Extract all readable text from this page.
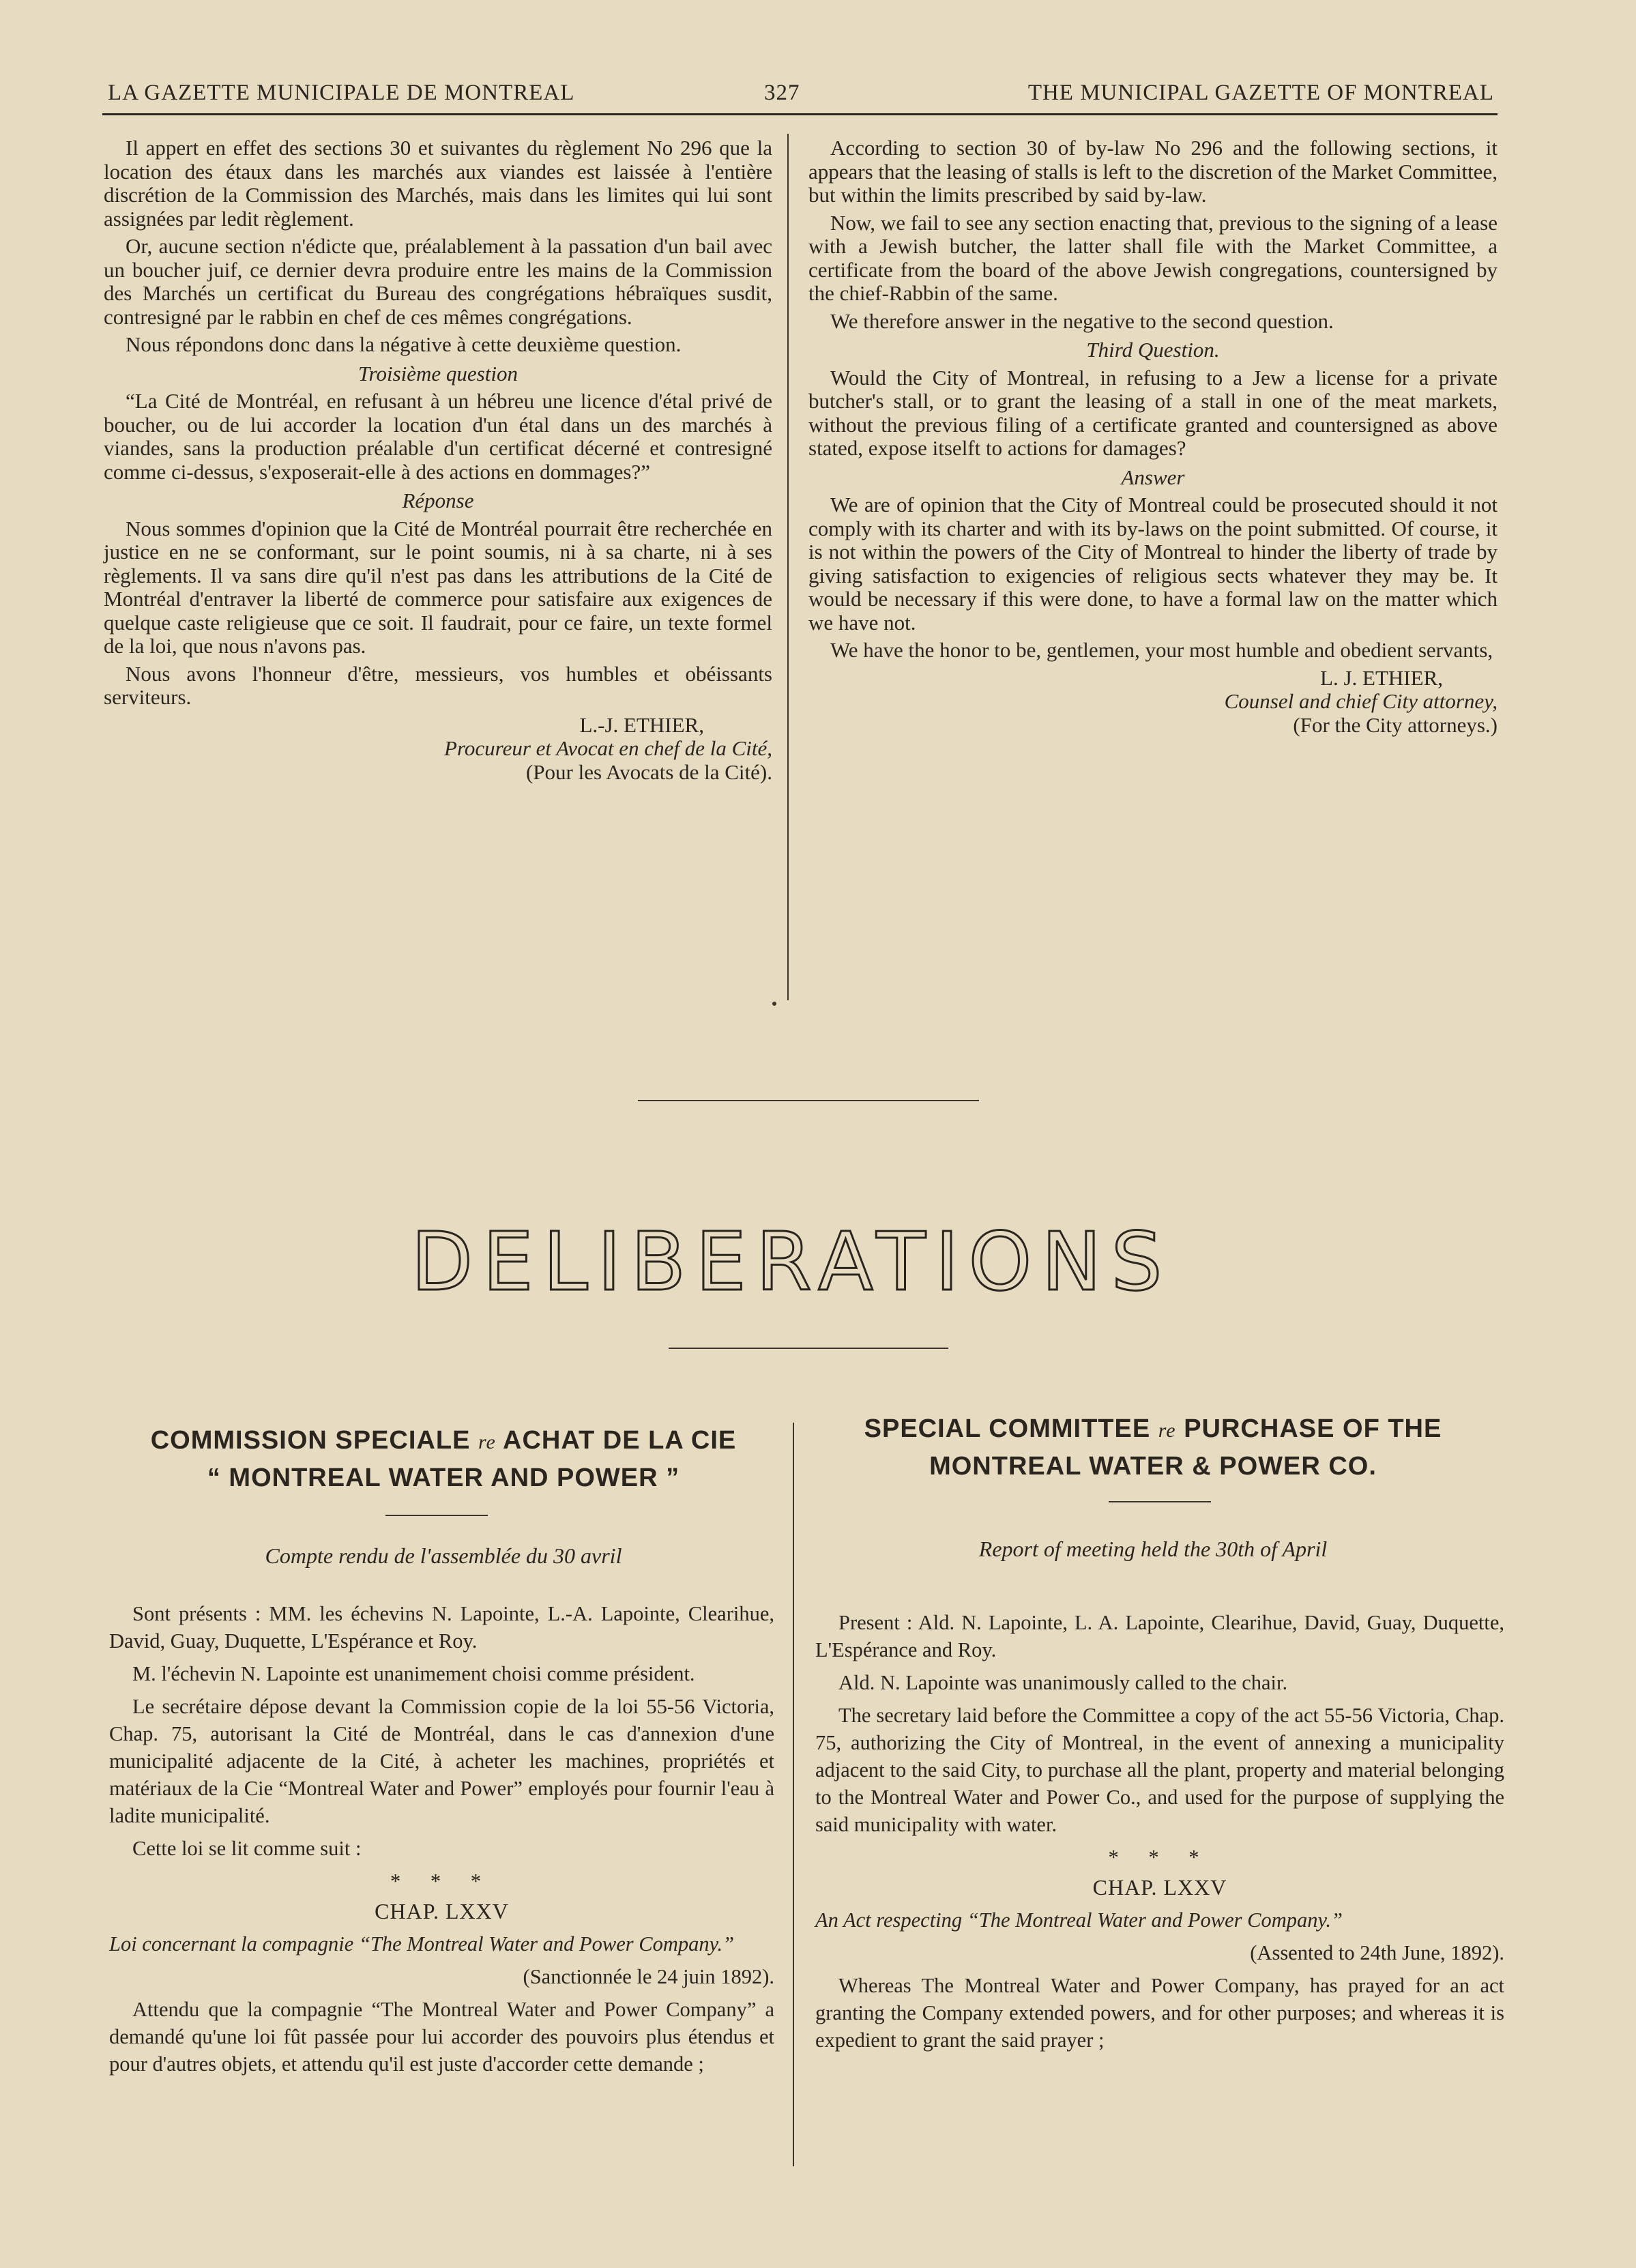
LA GAZETTE MUNICIPALE DE MONTREAL	327	THE MUNICIPAL GAZETTE OF MONTREAL

Il appert en effet des sections 30 et suivantes du règlement No 296 que la location des étaux dans les marchés aux viandes est laissée à l'entière discrétion de la Commission des Marchés, mais dans les limites qui lui sont assignées par ledit règlement.

Or, aucune section n'édicte que, préalablement à la passation d'un bail avec un boucher juif, ce dernier devra produire entre les mains de la Commission des Marchés un certificat du Bureau des congrégations hébraïques susdit, contresigné par le rabbin en chef de ces mêmes congrégations.

Nous répondons donc dans la négative à cette deuxième question.

Troisième question

“La Cité de Montréal, en refusant à un hébreu une licence d'étal privé de boucher, ou de lui accorder la location d'un étal dans un des marchés à viandes, sans la production préalable d'un certificat décerné et contresigné comme ci-dessus, s'exposerait-elle à des actions en dommages?”

Réponse

Nous sommes d'opinion que la Cité de Montréal pourrait être recherchée en justice en ne se conformant, sur le point soumis, ni à sa charte, ni à ses règlements. Il va sans dire qu'il n'est pas dans les attributions de la Cité de Montréal d'entraver la liberté de commerce pour satisfaire aux exigences de quelque caste religieuse que ce soit. Il faudrait, pour ce faire, un texte formel de la loi, que nous n'avons pas.

Nous avons l'honneur d'être, messieurs, vos humbles et obéissants serviteurs.

L.-J. ETHIER,

Procureur et Avocat en chef de la Cité,

(Pour les Avocats de la Cité).

According to section 30 of by-law No 296 and the following sections, it appears that the leasing of stalls is left to the discretion of the Market Committee, but within the limits prescribed by said by-law.

Now, we fail to see any section enacting that, previous to the signing of a lease with a Jewish butcher, the latter shall file with the Market Committee, a certificate from the board of the above Jewish congregations, countersigned by the chief-Rabbin of the same.

We therefore answer in the negative to the second question.

Third Question.

Would the City of Montreal, in refusing to a Jew a license for a private butcher's stall, or to grant the leasing of a stall in one of the meat markets, without the previous filing of a certificate granted and countersigned as above stated, expose itselft to actions for damages?

Answer

We are of opinion that the City of Montreal could be prosecuted should it not comply with its charter and with its by-laws on the point submitted. Of course, it is not within the powers of the City of Montreal to hinder the liberty of trade by giving satisfaction to exigencies of religious sects whatever they may be. It would be necessary if this were done, to have a formal law on the matter which we have not.

We have the honor to be, gentlemen, your most humble and obedient servants,

L. J. ETHIER,

Counsel and chief City attorney,

(For the City attorneys.)

DELIBERATIONS
COMMISSION SPECIALE re ACHAT DE LA CIE
“ MONTREAL WATER AND POWER ”
SPECIAL COMMITTEE re PURCHASE OF THE
MONTREAL WATER & POWER CO.
Compte rendu de l'assemblée du 30 avril	Report of meeting held the 30th of April

Sont présents : MM. les échevins N. Lapointe, L.-A. Lapointe, Clearihue, David, Guay, Duquette, L'Espérance et Roy.

M. l'échevin N. Lapointe est unanimement choisi comme président.

Le secrétaire dépose devant la Commission copie de la loi 55-56 Victoria, Chap. 75, autorisant la Cité de Montréal, dans le cas d'annexion d'une municipalité adjacente de la Cité, à acheter les machines, propriétés et matériaux de la Cie “Montreal Water and Power” employés pour fournir l'eau à ladite municipalité.

Cette loi se lit comme suit :

* * *

CHAP. LXXV

Loi concernant la compagnie “The Montreal Water and Power Company.”

(Sanctionnée le 24 juin 1892).

Attendu que la compagnie “The Montreal Water and Power Company” a demandé qu'une loi fût passée pour lui accorder des pouvoirs plus étendus et pour d'autres objets, et attendu qu'il est juste d'accorder cette demande ;

Present : Ald. N. Lapointe, L. A. Lapointe, Clearihue, David, Guay, Duquette, L'Espérance and Roy.

Ald. N. Lapointe was unanimously called to the chair.

The secretary laid before the Committee a copy of the act 55-56 Victoria, Chap. 75, authorizing the City of Montreal, in the event of annexing a municipality adjacent to the said City, to purchase all the plant, property and material belonging to the Montreal Water and Power Co., and used for the purpose of supplying the said municipality with water.

* * *

CHAP. LXXV

An Act respecting “The Montreal Water and Power Company.”

(Assented to 24th June, 1892).

Whereas The Montreal Water and Power Company, has prayed for an act granting the Company extended powers, and for other purposes; and whereas it is expedient to grant the said prayer ;
